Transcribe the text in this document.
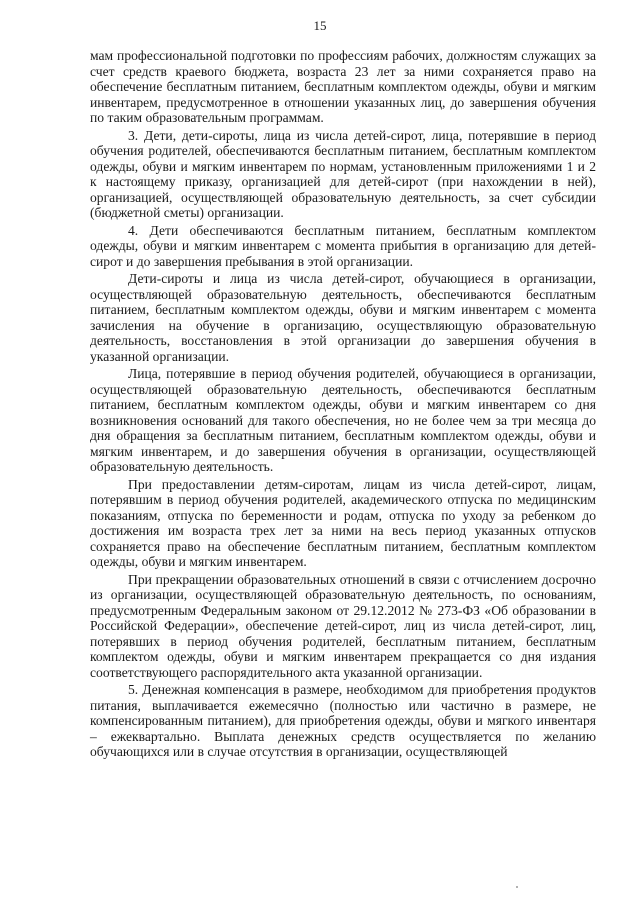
15

мам профессиональной подготовки по профессиям рабочих, должностям служащих за счет средств краевого бюджета, возраста 23 лет за ними сохраняется право на обеспечение бесплатным питанием, бесплатным комплектом одежды, обуви и мягким инвентарем, предусмотренное в отношении указанных лиц, до завершения обучения по таким образовательным программам.

3. Дети, дети-сироты, лица из числа детей-сирот, лица, потерявшие в период обучения родителей, обеспечиваются бесплатным питанием, бесплатным комплектом одежды, обуви и мягким инвентарем по нормам, установленным приложениями 1 и 2 к настоящему приказу, организацией для детей-сирот (при нахождении в ней), организацией, осуществляющей образовательную деятельность, за счет субсидии (бюджетной сметы) организации.

4. Дети обеспечиваются бесплатным питанием, бесплатным комплектом одежды, обуви и мягким инвентарем с момента прибытия в организацию для детей-сирот и до завершения пребывания в этой организации.

Дети-сироты и лица из числа детей-сирот, обучающиеся в организации, осуществляющей образовательную деятельность, обеспечиваются бесплатным питанием, бесплатным комплектом одежды, обуви и мягким инвентарем с момента зачисления на обучение в организацию, осуществляющую образовательную деятельность, восстановления в этой организации до завершения обучения в указанной организации.

Лица, потерявшие в период обучения родителей, обучающиеся в организации, осуществляющей образовательную деятельность, обеспечиваются бесплатным питанием, бесплатным комплектом одежды, обуви и мягким инвентарем со дня возникновения оснований для такого обеспечения, но не более чем за три месяца до дня обращения за бесплатным питанием, бесплатным комплектом одежды, обуви и мягким инвентарем, и до завершения обучения в организации, осуществляющей образовательную деятельность.

При предоставлении детям-сиротам, лицам из числа детей-сирот, лицам, потерявшим в период обучения родителей, академического отпуска по медицинским показаниям, отпуска по беременности и родам, отпуска по уходу за ребенком до достижения им возраста трех лет за ними на весь период указанных отпусков сохраняется право на обеспечение бесплатным питанием, бесплатным комплектом одежды, обуви и мягким инвентарем.

При прекращении образовательных отношений в связи с отчислением досрочно из организации, осуществляющей образовательную деятельность, по основаниям, предусмотренным Федеральным законом от 29.12.2012 № 273-ФЗ «Об образовании в Российской Федерации», обеспечение детей-сирот, лиц из числа детей-сирот, лиц, потерявших в период обучения родителей, бесплатным питанием, бесплатным комплектом одежды, обуви и мягким инвентарем прекращается со дня издания соответствующего распорядительного акта указанной организации.

5. Денежная компенсация в размере, необходимом для приобретения продуктов питания, выплачивается ежемесячно (полностью или частично в размере, не компенсированным питанием), для приобретения одежды, обуви и мягкого инвентаря – ежеквартально. Выплата денежных средств осуществляется по желанию обучающихся или в случае отсутствия в организации, осуществляющей
